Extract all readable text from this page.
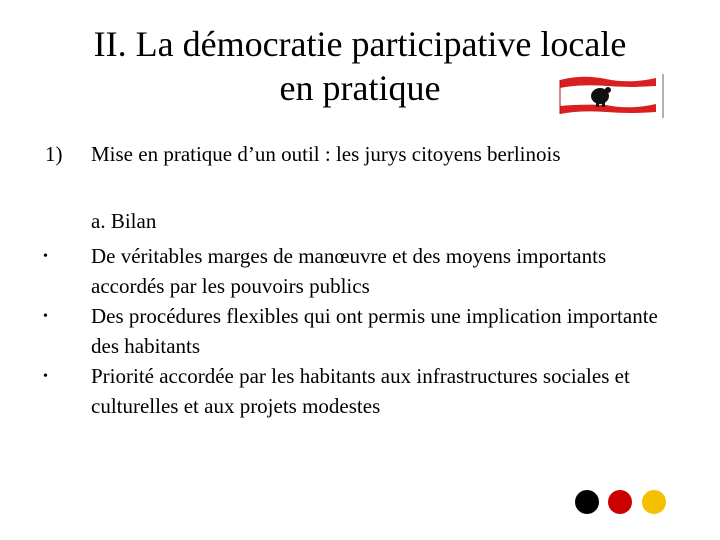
II. La démocratie participative locale
en pratique
1) Mise en pratique d’un outil : les jurys citoyens berlinois
a. Bilan
• De véritables marges de manœuvre et des moyens importants accordés par les pouvoirs publics
• Des procédures flexibles qui ont permis une implication importante des habitants
• Priorité accordée par les habitants aux infrastructures sociales et culturelles et aux projets modestes
